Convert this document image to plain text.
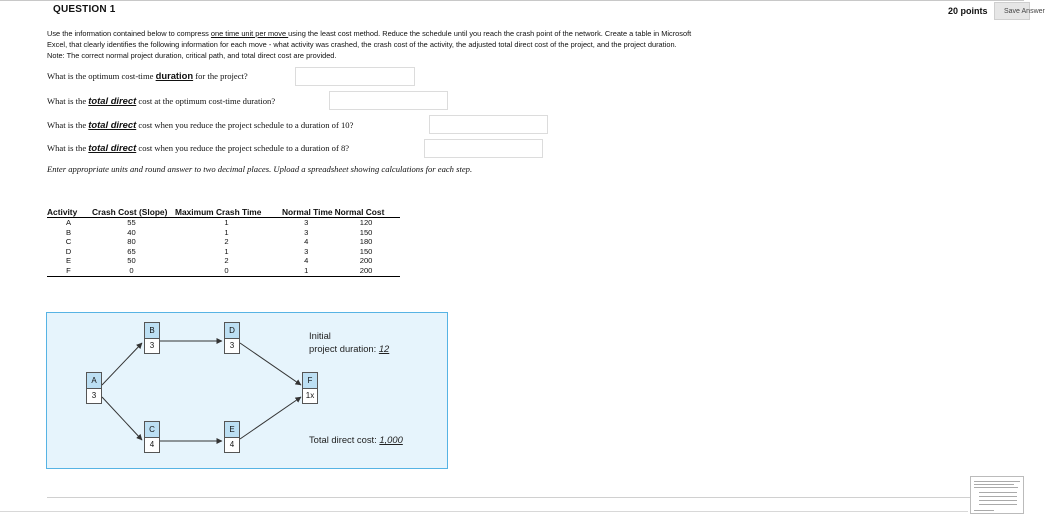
QUESTION 1	20 points	Save Answer

Use the information contained below to compress one time unit per move using the least cost method. Reduce the schedule until you reach the crash point of the network. Create a table in Microsoft

Excel, that clearly identifies the following information for each move - what activity was crashed, the crash cost of the activity, the adjusted total direct cost of the project, and the project duration.

Note: The correct normal project duration, critical path, and total direct cost are provided.

What is the optimum cost-time duration for the project?
What is the total direct cost at the optimum cost-time duration?
What is the total direct cost when you reduce the project schedule to a duration of 10?
What is the total direct cost when you reduce the project schedule to a duration of 8?
Enter appropriate units and round answer to two decimal places. Upload a spreadsheet showing calculations for each step.
Activity	Crash Cost (Slope)	Maximum Crash Time	Normal Time	Normal Cost
A	55	1	3	120
B	40	1	3	150
C	80	2	4	180
D	65	1	3	150
E	50	2	4	200
F	0	0	1	200
A
3
B
3
C
4
D
3
E
4
F
1x
Initial
project duration: 12
Total direct cost: 1,000
